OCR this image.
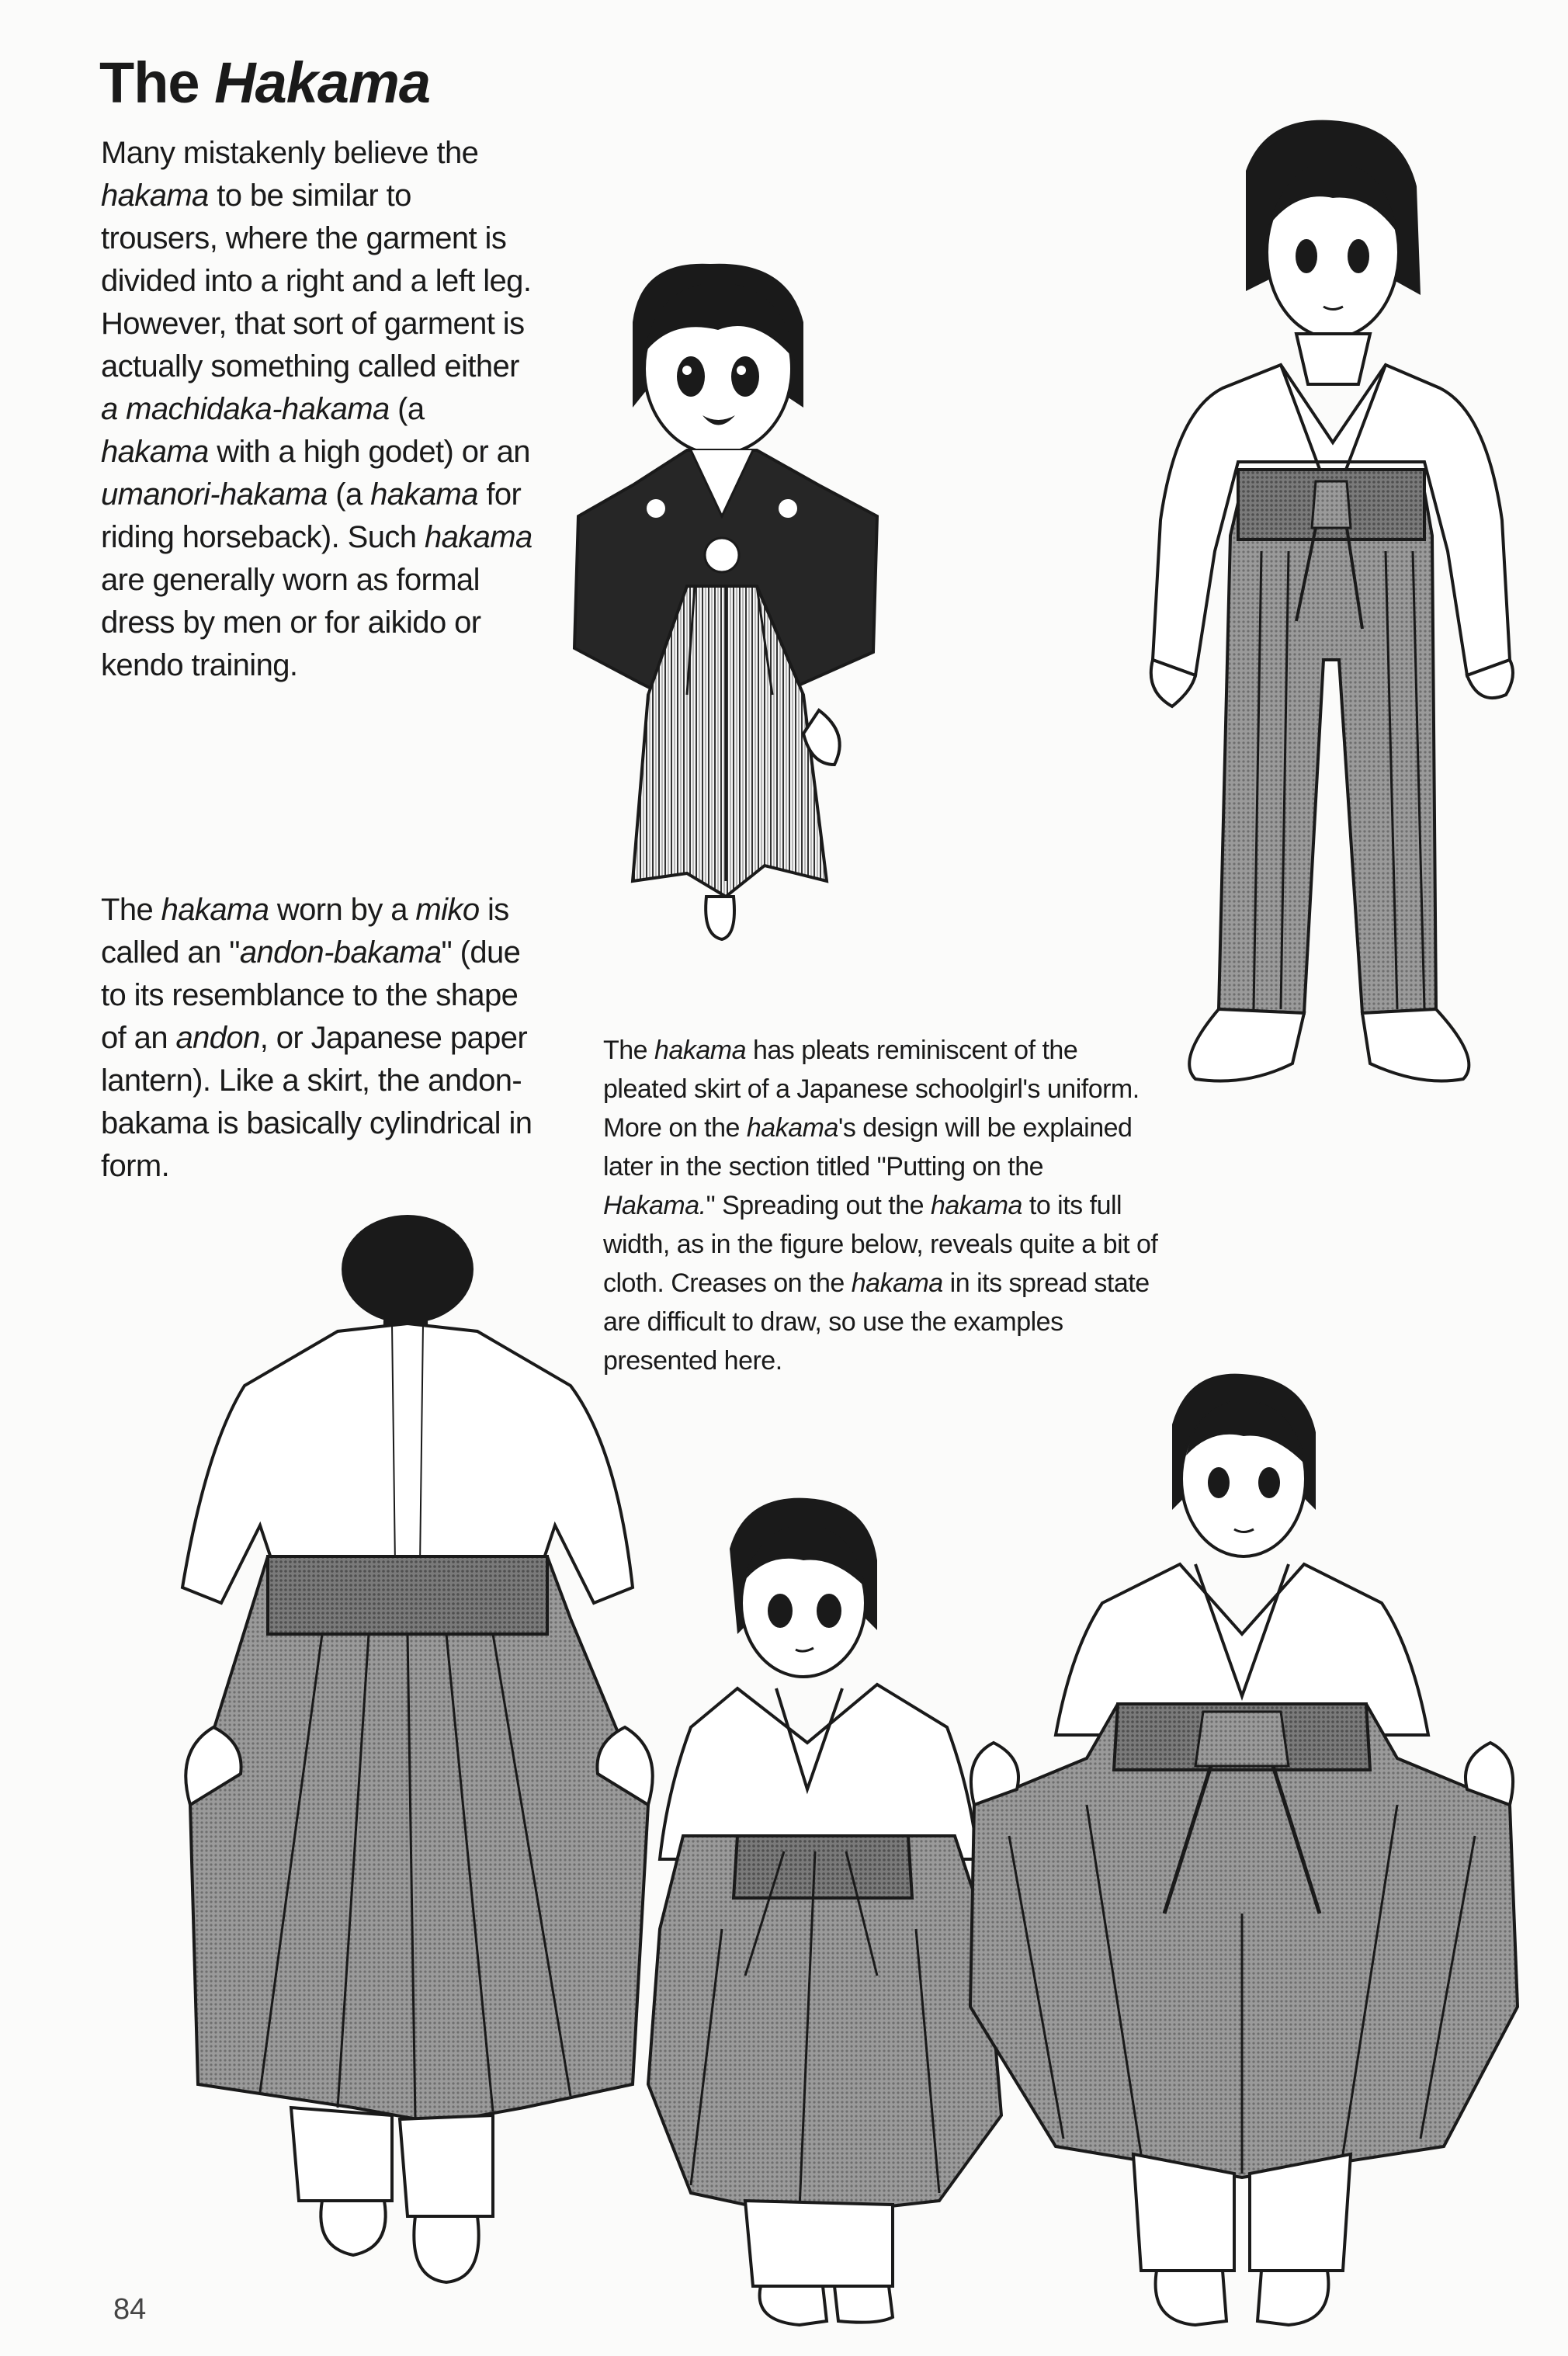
The Hakama

Many mistakenly believe the hakama to be similar to trousers, where the garment is divided into a right and a left leg. However, that sort of garment is actually something called either a machidaka-hakama (a hakama with a high godet) or an umanori-hakama (a hakama for riding horseback). Such hakama are generally worn as formal dress by men or for aikido or kendo training.

The hakama worn by a miko is called an "andon-bakama" (due to its resemblance to the shape of an andon, or Japanese paper lantern). Like a skirt, the andon-bakama is basically cylindrical in form.

The hakama has pleats reminiscent of the pleated skirt of a Japanese schoolgirl's uniform. More on the hakama's design will be explained later in the section titled "Putting on the Hakama." Spreading out the hakama to its full width, as in the figure below, reveals quite a bit of cloth. Creases on the hakama in its spread state are difficult to draw, so use the examples presented here.

84
